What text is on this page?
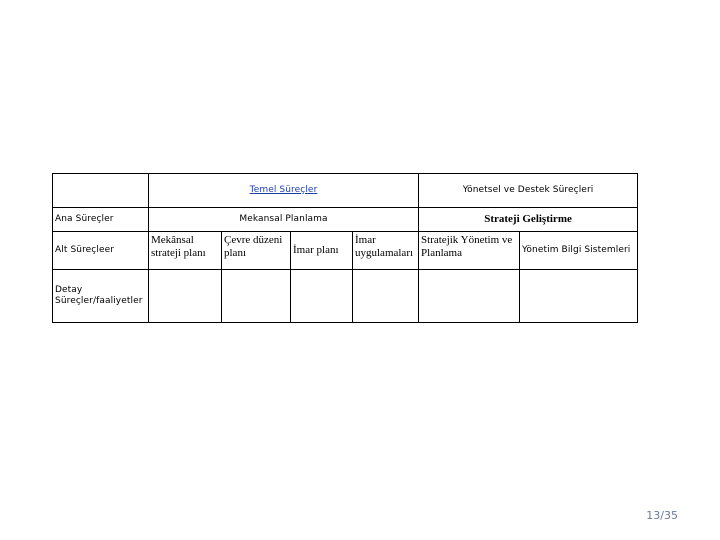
	Temel Süreçler				Yönetsel ve Destek Süreçleri	
Ana Süreçler	Mekansal Planlama				Strateji Geliştirme	
Alt Süreçleer	Mekânsal strateji planı	Çevre düzeni planı	İmar planı	İmar uygulamaları	Stratejik Yönetim ve Planlama	Yönetim Bilgi Sistemleri
Detay Süreçler/faaliyetler						
13/35
